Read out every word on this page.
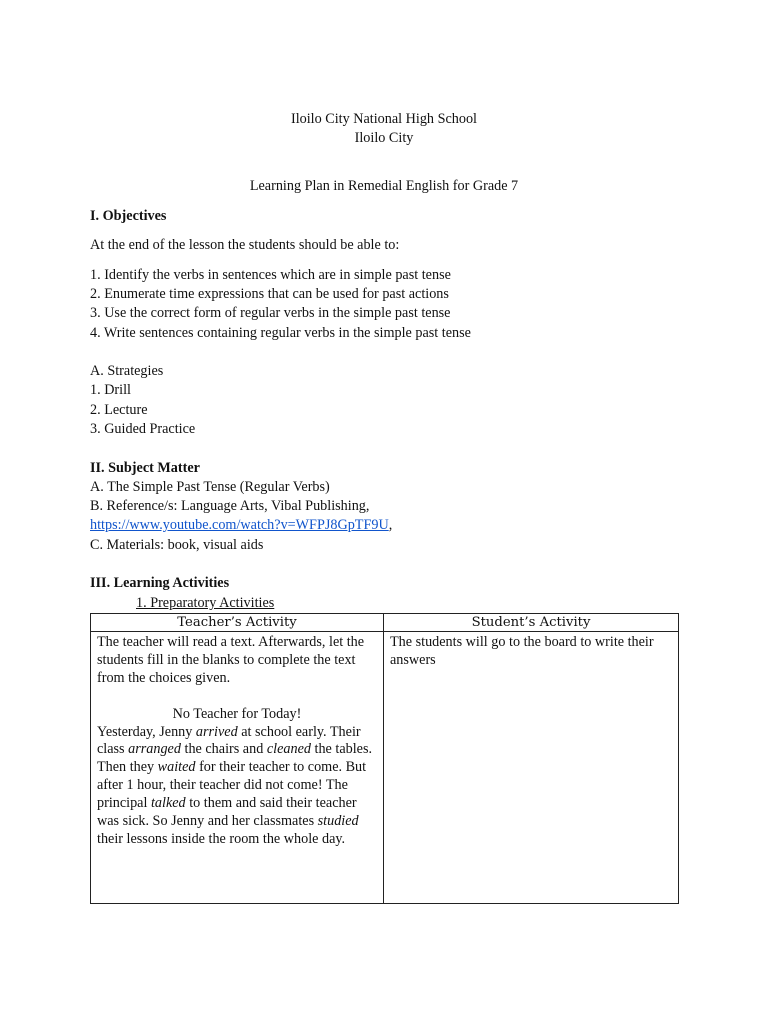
Iloilo City National High School
Iloilo City
Learning Plan in Remedial English for Grade 7
I. Objectives
At the end of the lesson the students should be able to:
1. Identify the verbs in sentences which are in simple past tense
2. Enumerate time expressions that can be used for past actions
3. Use the correct form of regular verbs in the simple past tense
4. Write sentences containing regular verbs in the simple past tense
A. Strategies
1. Drill
2. Lecture
3. Guided Practice
II. Subject Matter
A. The Simple Past Tense (Regular Verbs)
B. Reference/s: Language Arts, Vibal Publishing,
https://www.youtube.com/watch?v=WFPJ8GpTF9U,
C. Materials: book, visual aids
III. Learning Activities
1. Preparatory Activities
Teacher’s Activity	Student’s Activity

The teacher will read a text. Afterwards, let the students fill in the blanks to complete the text from the choices given.

No Teacher for Today!

Yesterday, Jenny arrived at school early. Their class arranged the chairs and cleaned the tables. Then they waited for their teacher to come. But after 1 hour, their teacher did not come! The principal talked to them and said their teacher was sick. So Jenny and her classmates studied their lessons inside the room the whole day.	The students will go to the board to write their answers
